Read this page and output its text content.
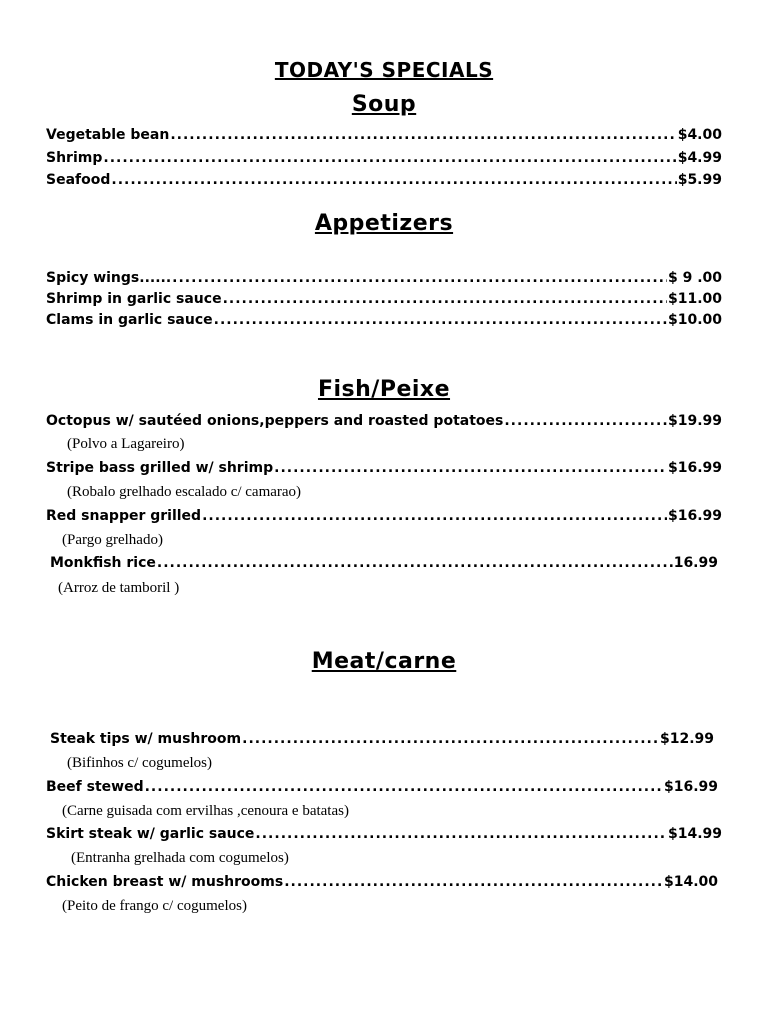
TODAY'S SPECIALS
Soup
Vegetable bean .....	$4.00
Shrimp .....	$4.99
Seafood .....	$5.99
Appetizers
Spicy wings...... .....	$ 9 .00
Shrimp in garlic sauce .....	$11.00
Clams in garlic sauce .....	$10.00
Fish/Peixe
Octopus w/ sautéed onions,peppers and roasted potatoes .....	$19.99
(Polvo a Lagareiro)
Stripe bass grilled w/ shrimp .....	$16.99
(Robalo grelhado escalado c/ camarao)
Red snapper grilled .....	$16.99
(Pargo grelhado)
Monkfish rice .....	16.99
(Arroz de tamboril )
Meat/carne
Steak tips w/ mushroom .....	$12.99
(Bifinhos c/ cogumelos)
Beef stewed .....	$16.99
(Carne guisada com ervilhas ,cenoura e batatas)
Skirt steak w/ garlic sauce .....	$14.99
(Entranha grelhada com cogumelos)
Chicken breast w/ mushrooms .....	$14.00
(Peito de frango c/ cogumelos)
